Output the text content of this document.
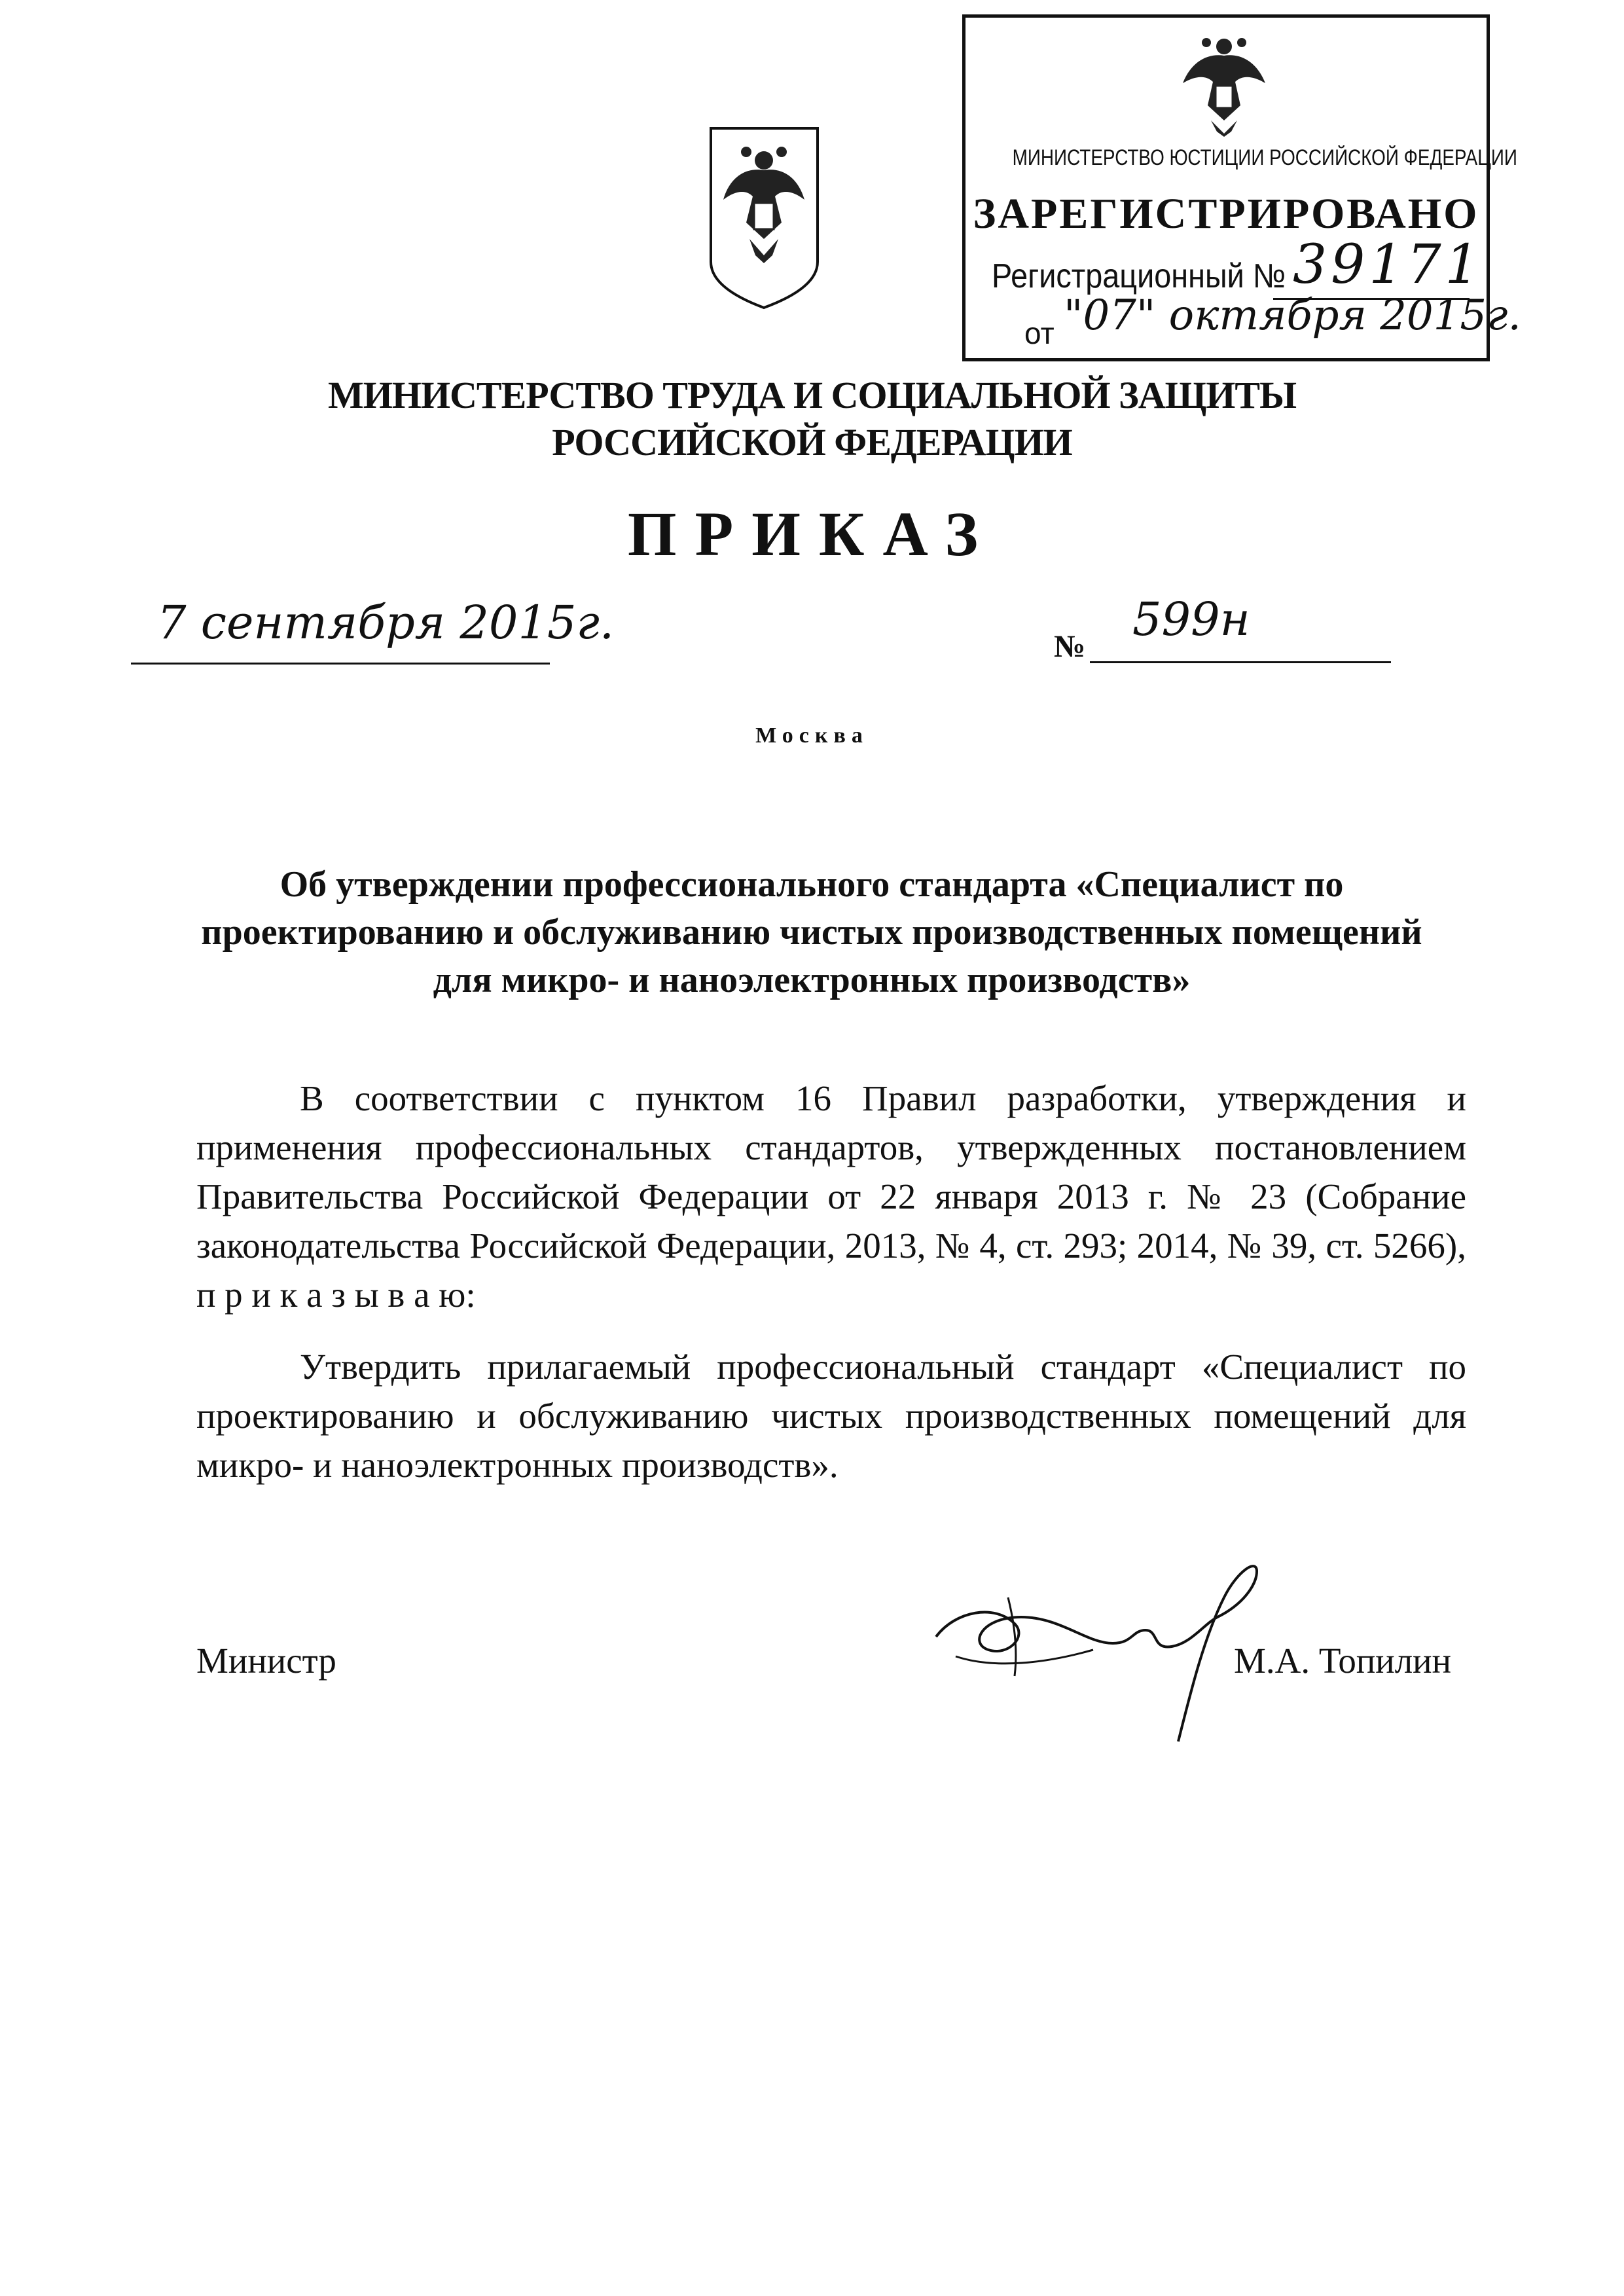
МИНИСТЕРСТВО ЮСТИЦИИ РОССИЙСКОЙ ФЕДЕРАЦИИ
ЗАРЕГИСТРИРОВАНО
Регистрационный № 39171
от "07" октября 2015г.
МИНИСТЕРСТВО ТРУДА И СОЦИАЛЬНОЙ ЗАЩИТЫ
РОССИЙСКОЙ ФЕДЕРАЦИИ
ПРИКАЗ
7 сентября 2015г.	№
599н
Москва
Об утверждении профессионального стандарта «Специалист по проектированию и обслуживанию чистых производственных помещений для микро- и наноэлектронных производств»
В соответствии с пунктом 16 Правил разработки, утверждения и применения профессиональных стандартов, утвержденных постановлением Правительства Российской Федерации от 22 января 2013 г. № 23 (Собрание законодательства Российской Федерации, 2013, № 4, ст. 293; 2014, № 39, ст. 5266), п р и к а з ы в а ю:
Утвердить прилагаемый профессиональный стандарт «Специалист по проектированию и обслуживанию чистых производственных помещений для микро- и наноэлектронных производств».
Министр	М.А. Топилин
